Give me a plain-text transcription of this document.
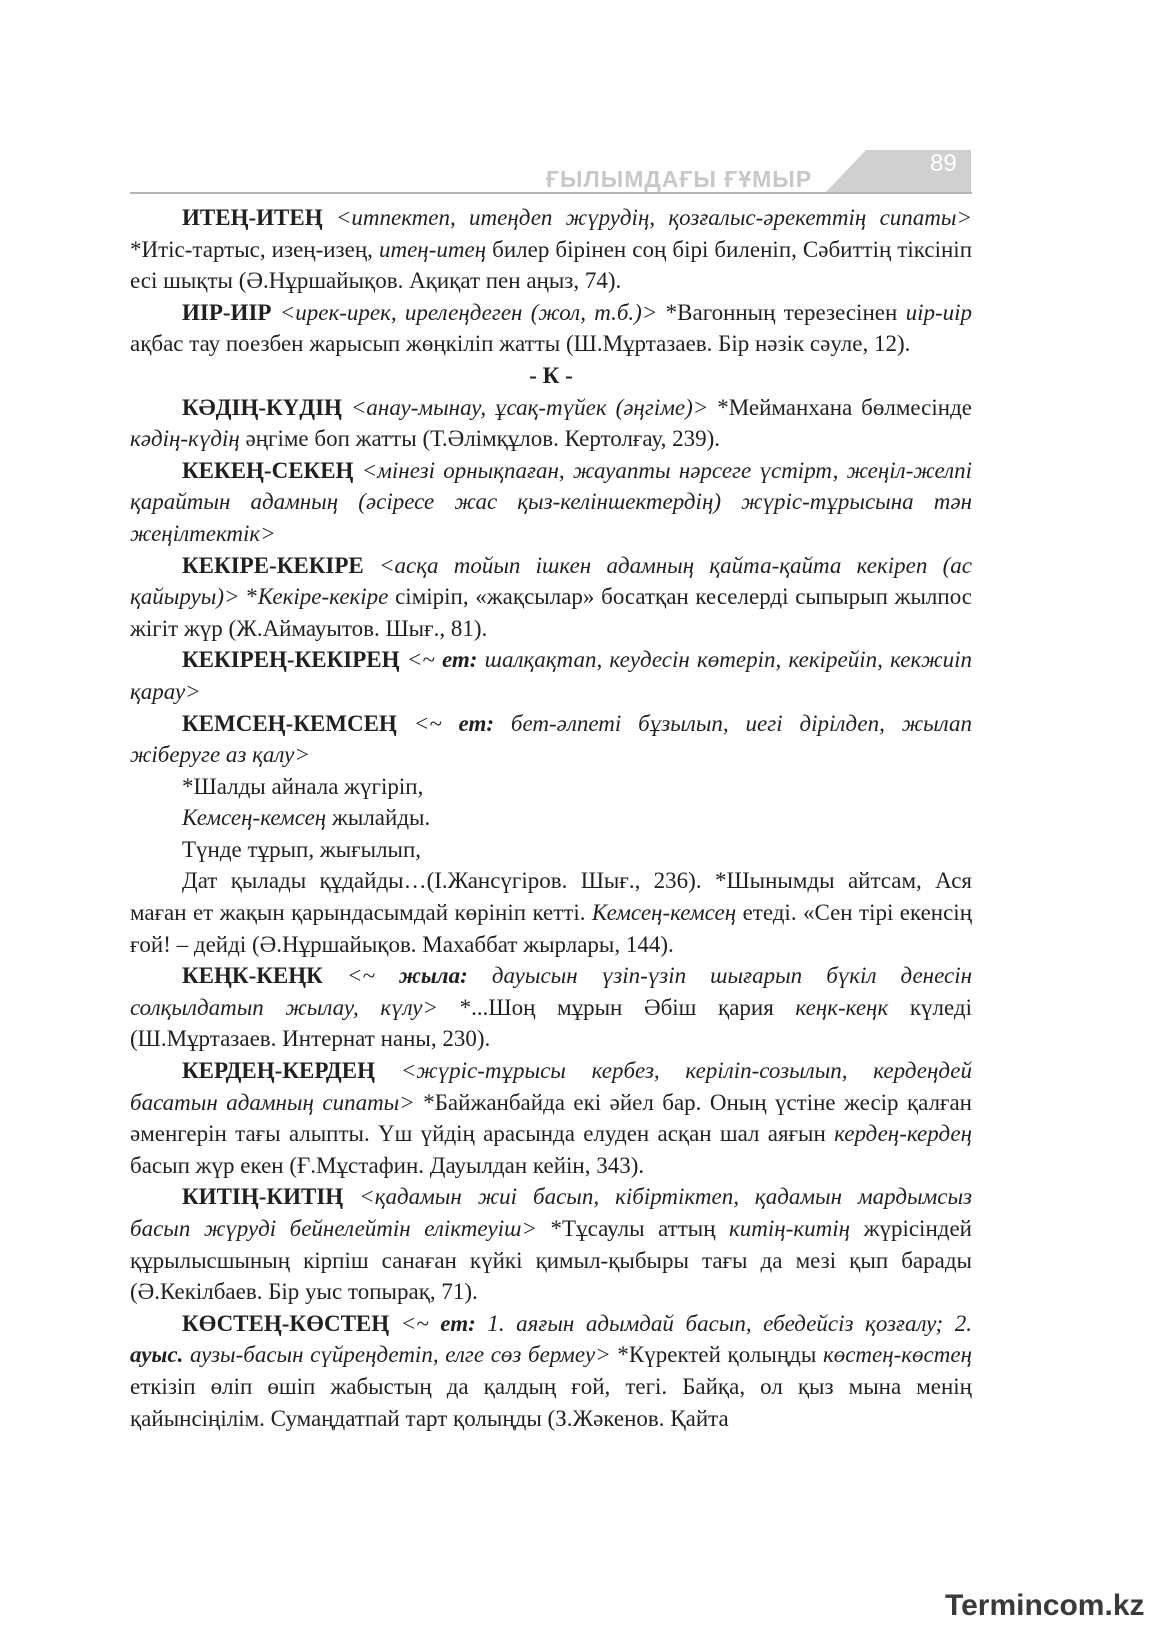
ҒЫЛЫМДАҒЫ ҒҰМЫР
89

ИТЕҢ-ИТЕҢ <итпектеп, итеңдеп жүрудің, қозғалыс-әрекеттің сипаты> *Итіс-тартыс, изең-изең, итең-итең билер бірінен соң бірі биленіп, Сәбиттің тіксініп есі шықты (Ә.Нұршайықов. Ақиқат пен аңыз, 74).

ИІР-ИІР <ирек-ирек, ирелеңдеген (жол, т.б.)> *Вагонның терезесінен иір-иір ақбас тау поезбен жарысып жөңкіліп жатты (Ш.Мұртазаев. Бір нәзік сәуле, 12).

- К -

КӘДІҢ-КҮДІҢ <анау-мынау, ұсақ-түйек (әңгіме)> *Мейманхана бөлмесінде кәдің-күдің әңгіме боп жатты (Т.Әлімқұлов. Кертолғау, 239).

КЕКЕҢ-СЕКЕҢ <мінезі орнықпаған, жауапты нәрсеге үстірт, жеңіл-желпі қарайтын адамның (әсіресе жас қыз-келіншектердің) жүріс-тұрысына тән жеңілтектік>

КЕКІРЕ-КЕКІРЕ <асқа тойып ішкен адамның қайта-қайта кекіреп (ас қайыруы)> *Кекіре-кекіре сіміріп, «жақсылар» босатқан кеселерді сыпырып жылпос жігіт жүр (Ж.Аймауытов. Шығ., 81).

КЕКІРЕҢ-КЕКІРЕҢ <~ ет: шалқақтап, кеудесін көтеріп, кекірейіп, кекжиіп қарау>

КЕМСЕҢ-КЕМСЕҢ <~ ет: бет-әлпеті бұзылып, иегі дірілдеп, жылап жіберуге аз қалу>

*Шалды айнала жүгіріп,

Кемсең-кемсең жылайды.

Түнде тұрып, жығылып,

Дат қылады құдайды…(І.Жансүгіров. Шығ., 236). *Шынымды айтсам, Ася маған ет жақын қарындасымдай көрініп кетті. Кемсең-кемсең етеді. «Сен тірі екенсің ғой! – дейді (Ә.Нұршайықов. Махаббат жырлары, 144).

КЕҢК-КЕҢК <~ жыла: дауысын үзіп-үзіп шығарып бүкіл денесін солқылдатып жылау, күлу> *...Шоң мұрын Әбіш қария кеңк-кеңк күледі (Ш.Мұртазаев. Интернат наны, 230).

КЕРДЕҢ-КЕРДЕҢ <жүріс-тұрысы кербез, керіліп-созылып, кердеңдей басатын адамның сипаты> *Байжанбайда екі әйел бар. Оның үстіне жесір қалған әменгерін тағы алыпты. Үш үйдің арасында елуден асқан шал аяғын кердең-кердең басып жүр екен (Ғ.Мұстафин. Дауылдан кейін, 343).

КИТІҢ-КИТІҢ <қадамын жиі басып, кібіртіктеп, қадамын мардымсыз басып жүруді бейнелейтін еліктеуіш> *Тұсаулы аттың китің-китің жүрісіндей құрылысшының кірпіш санаған күйкі қимыл-қыбыры тағы да мезі қып барады (Ә.Кекілбаев. Бір уыс топырақ, 71).

КӨСТЕҢ-КӨСТЕҢ <~ ет: 1. аяғын адымдай басып, ебедейсіз қозғалу; 2. ауыс. аузы-басын сүйреңдетіп, елге сөз бермеу> *Күректей қолыңды көстең-көстең еткізіп өліп өшіп жабыстың да қалдың ғой, тегі. Байқа, ол қыз мына менің қайынсіңілім. Сумаңдатпай тарт қолыңды (З.Жәкенов. Қайта

Termincom.kz
